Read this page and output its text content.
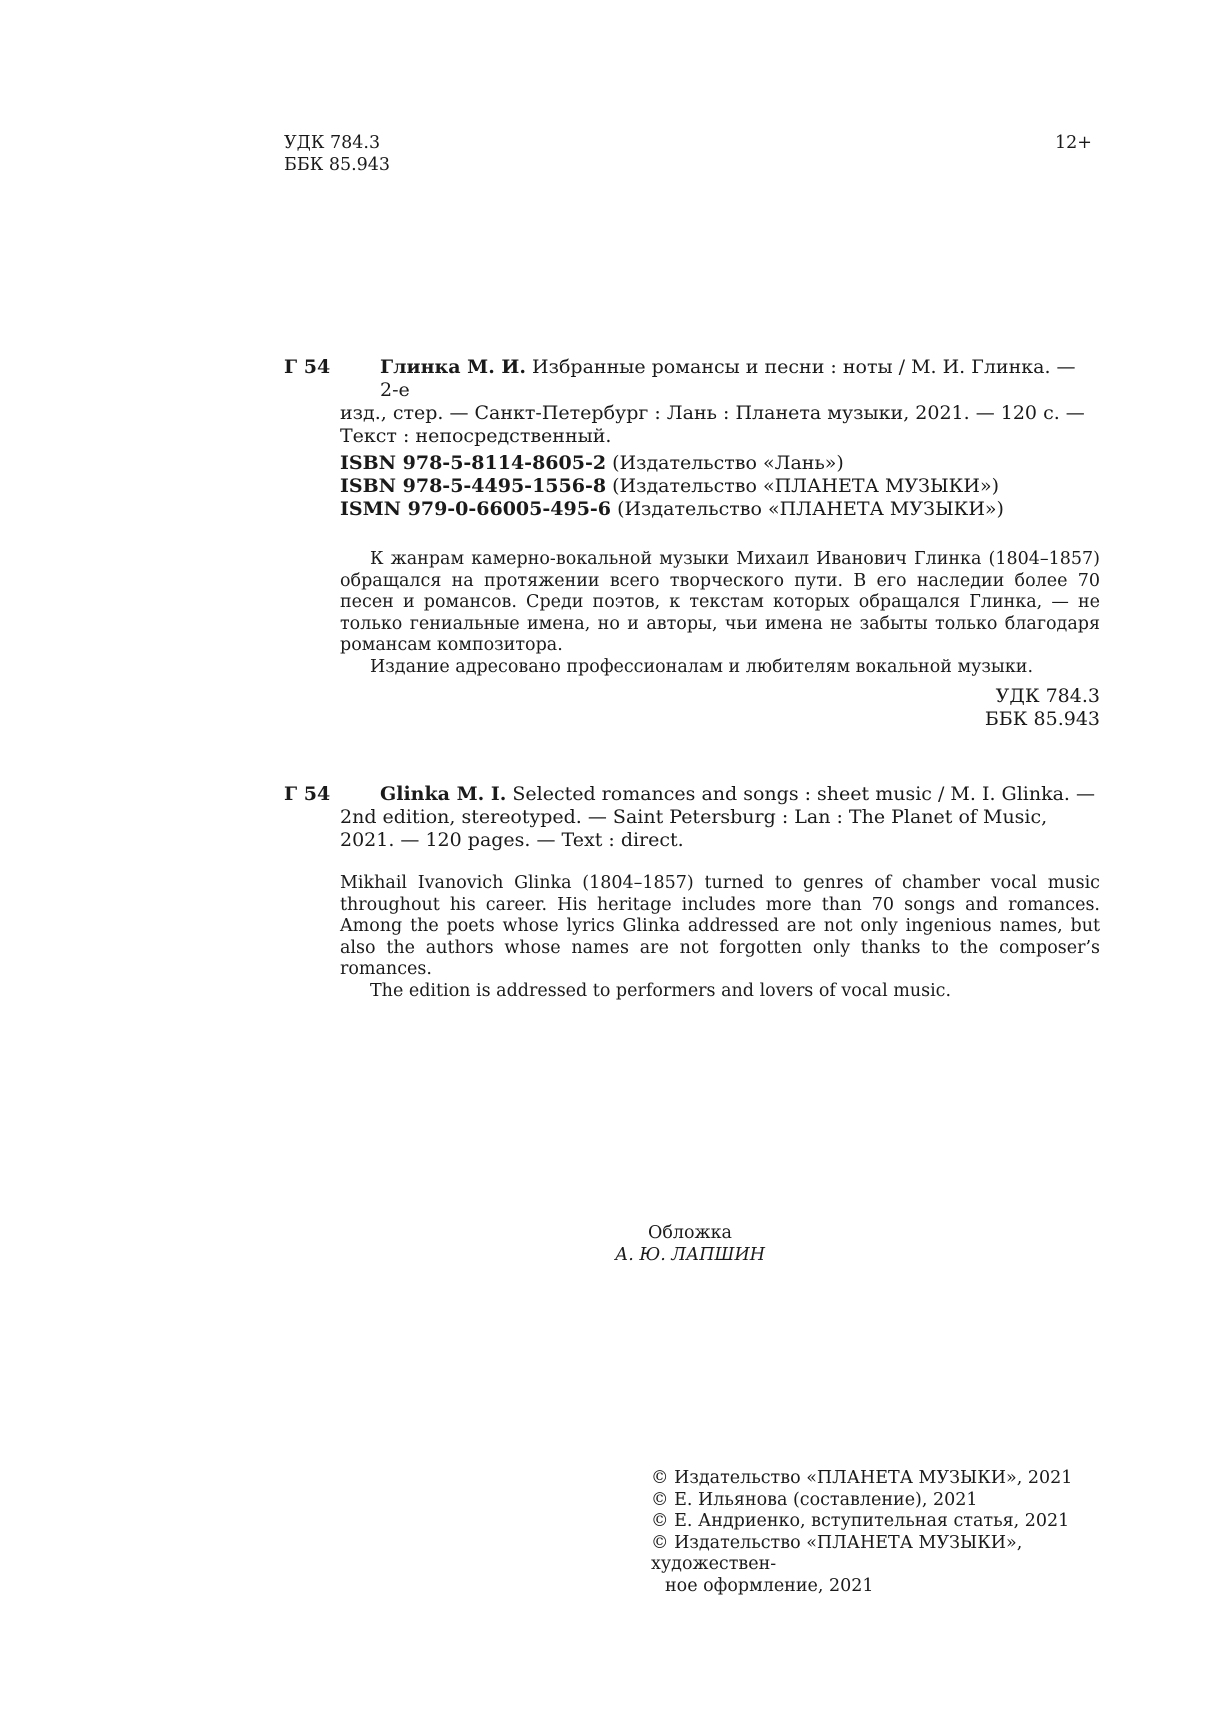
УДК 784.3
ББК 85.943
12+
Г 54	Глинка М. И. Избранные романсы и песни : ноты / М. И. Глинка. — 2-е
изд., стер. — Санкт-Петербург : Лань : Планета музыки, 2021. — 120 с. —
Текст : непосредственный.
ISBN 978-5-8114-8605-2 (Издательство «Лань»)
ISBN 978-5-4495-1556-8 (Издательство «ПЛАНЕТА МУЗЫКИ»)
ISMN 979-0-66005-495-6 (Издательство «ПЛАНЕТА МУЗЫКИ»)

К жанрам камерно-вокальной музыки Михаил Иванович Глинка (1804–1857) обращался на протяжении всего творческого пути. В его наследии более 70 песен и романсов. Среди поэтов, к текстам которых обращался Глинка, — не только гениальные имена, но и авторы, чьи имена не забыты только благодаря романсам композитора.

Издание адресовано профессионалам и любителям вокальной музыки.

УДК 784.3
ББК 85.943
Г 54	Glinka M. I. Selected romances and songs : sheet music / M. I. Glinka. —
2nd edition, stereotyped. — Saint Petersburg : Lan : The Planet of Music,
2021. — 120 pages. — Text : direct.

Mikhail Ivanovich Glinka (1804–1857) turned to genres of chamber vocal music throughout his career. His heritage includes more than 70 songs and romances. Among the poets whose lyrics Glinka addressed are not only ingenious names, but also the authors whose names are not forgotten only thanks to the composer’s romances.

The edition is addressed to performers and lovers of vocal music.

Обложка
А. Ю. ЛАПШИН
© Издательство «ПЛАНЕТА МУЗЫКИ», 2021
© Е. Ильянова (составление), 2021
© Е. Андриенко, вступительная статья, 2021
© Издательство «ПЛАНЕТА МУЗЫКИ», художествен-
ное оформление, 2021
